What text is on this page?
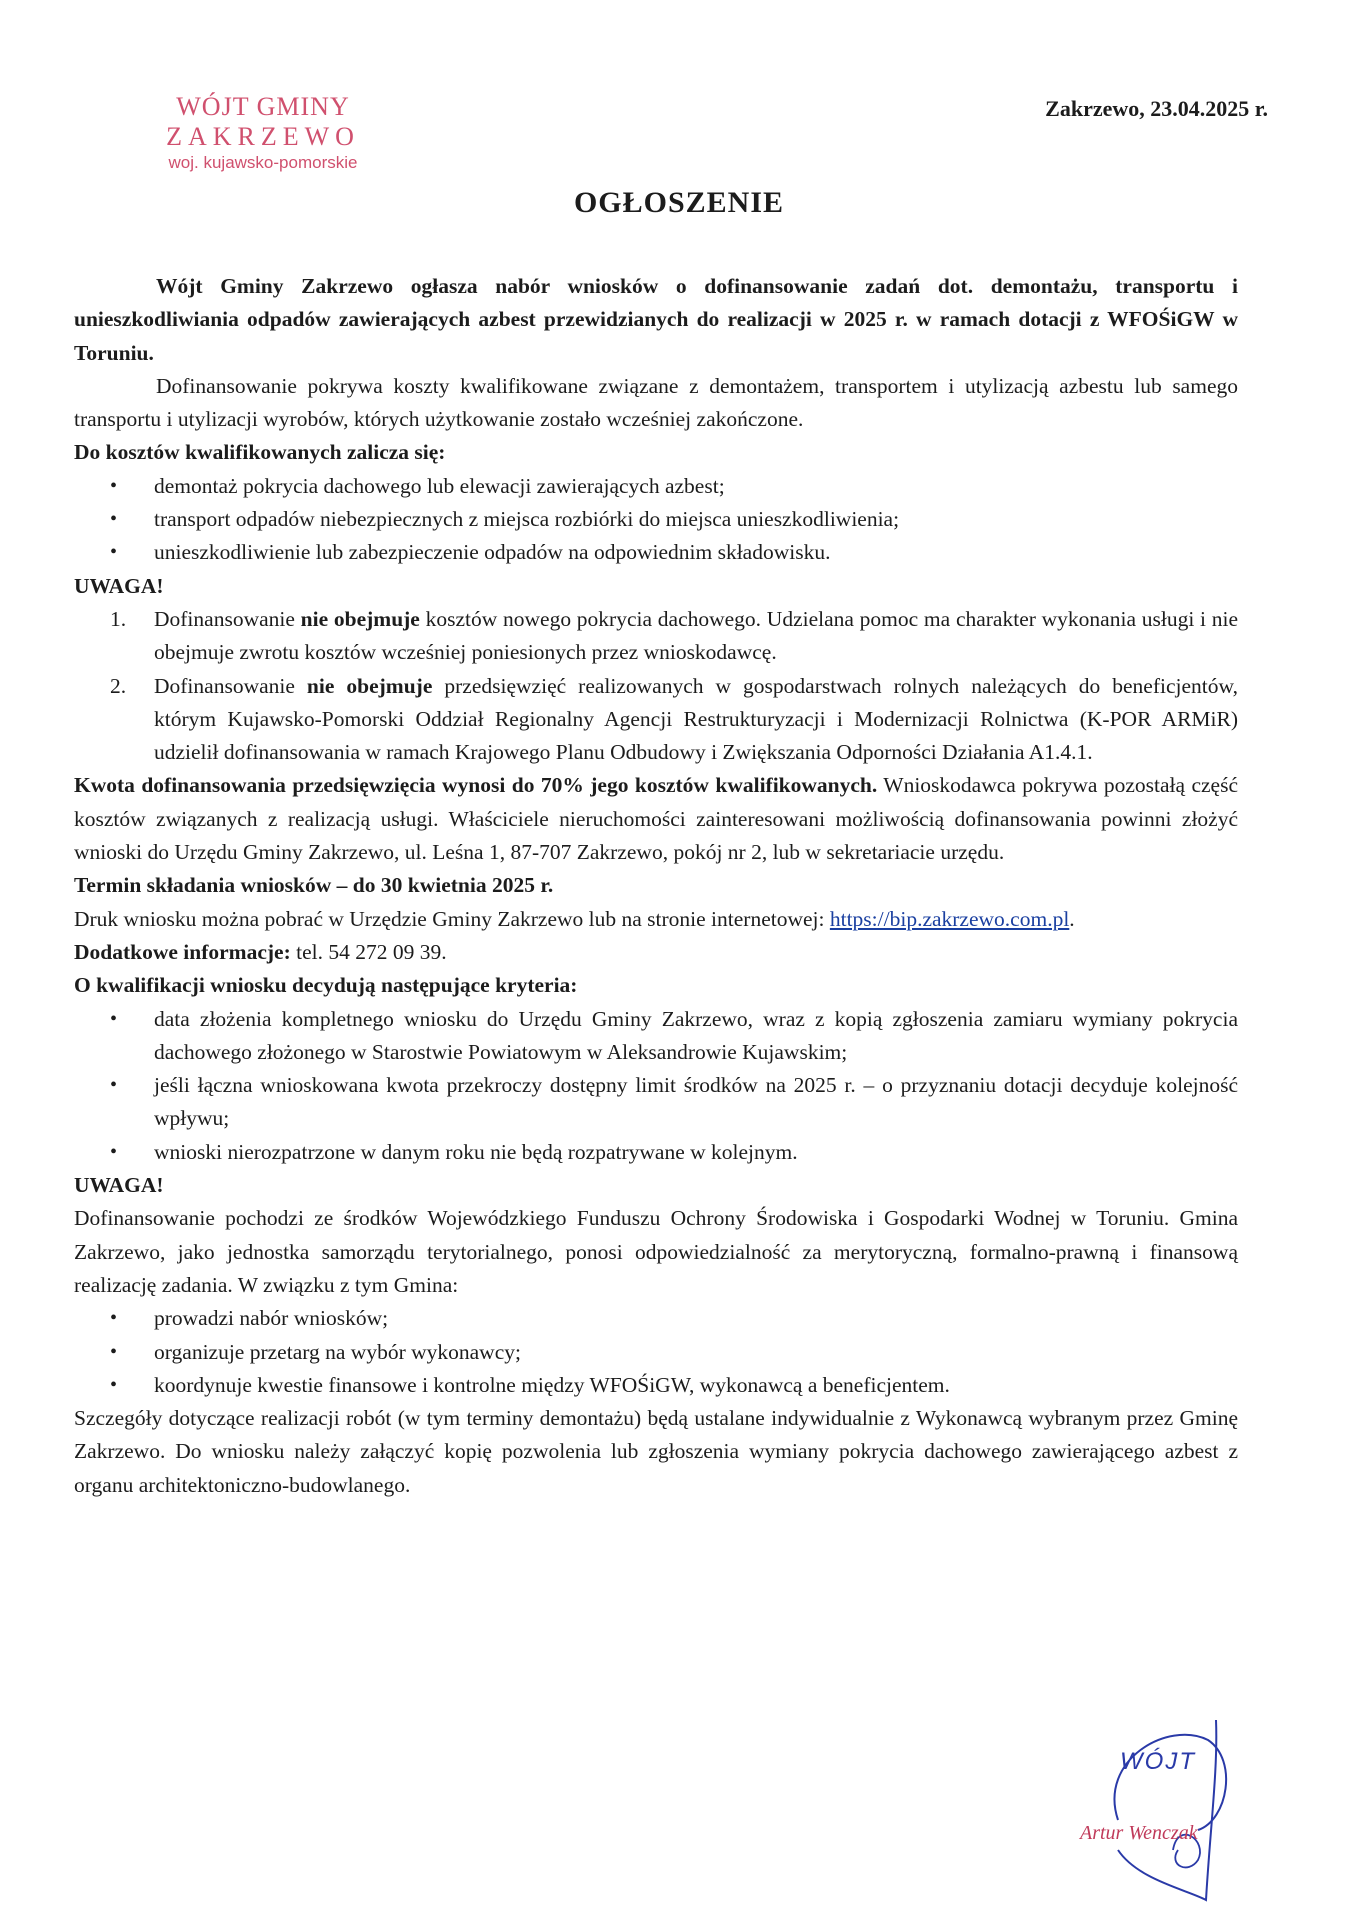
WÓJT GMINY
ZAKRZEWO
woj. kujawsko-pomorskie
Zakrzewo, 23.04.2025 r.
OGŁOSZENIE

Wójt Gminy Zakrzewo ogłasza nabór wniosków o dofinansowanie zadań dot. demontażu, transportu i unieszkodliwiania odpadów zawierających azbest przewidzianych do realizacji w 2025 r. w ramach dotacji z WFOŚiGW w Toruniu.

Dofinansowanie pokrywa koszty kwalifikowane związane z demontażem, transportem i utylizacją azbestu lub samego transportu i utylizacji wyrobów, których użytkowanie zostało wcześniej zakończone.

Do kosztów kwalifikowanych zalicza się:

• demontaż pokrycia dachowego lub elewacji zawierających azbest;
• transport odpadów niebezpiecznych z miejsca rozbiórki do miejsca unieszkodliwienia;
• unieszkodliwienie lub zabezpieczenie odpadów na odpowiednim składowisku.

UWAGA!

1. Dofinansowanie nie obejmuje kosztów nowego pokrycia dachowego. Udzielana pomoc ma charakter wykonania usługi i nie obejmuje zwrotu kosztów wcześniej poniesionych przez wnioskodawcę.
2. Dofinansowanie nie obejmuje przedsięwzięć realizowanych w gospodarstwach rolnych należących do beneficjentów, którym Kujawsko-Pomorski Oddział Regionalny Agencji Restrukturyzacji i Modernizacji Rolnictwa (K-POR ARMiR) udzielił dofinansowania w ramach Krajowego Planu Odbudowy i Zwiększania Odporności Działania A1.4.1.

Kwota dofinansowania przedsięwzięcia wynosi do 70% jego kosztów kwalifikowanych. Wnioskodawca pokrywa pozostałą część kosztów związanych z realizacją usługi. Właściciele nieruchomości zainteresowani możliwością dofinansowania powinni złożyć wnioski do Urzędu Gminy Zakrzewo, ul. Leśna 1, 87-707 Zakrzewo, pokój nr 2, lub w sekretariacie urzędu.

Termin składania wniosków – do 30 kwietnia 2025 r.

Druk wniosku można pobrać w Urzędzie Gminy Zakrzewo lub na stronie internetowej: https://bip.zakrzewo.com.pl.

Dodatkowe informacje: tel. 54 272 09 39.

O kwalifikacji wniosku decydują następujące kryteria:

• data złożenia kompletnego wniosku do Urzędu Gminy Zakrzewo, wraz z kopią zgłoszenia zamiaru wymiany pokrycia dachowego złożonego w Starostwie Powiatowym w Aleksandrowie Kujawskim;
• jeśli łączna wnioskowana kwota przekroczy dostępny limit środków na 2025 r. – o przyznaniu dotacji decyduje kolejność wpływu;
• wnioski nierozpatrzone w danym roku nie będą rozpatrywane w kolejnym.

UWAGA!

Dofinansowanie pochodzi ze środków Wojewódzkiego Funduszu Ochrony Środowiska i Gospodarki Wodnej w Toruniu. Gmina Zakrzewo, jako jednostka samorządu terytorialnego, ponosi odpowiedzialność za merytoryczną, formalno-prawną i finansową realizację zadania. W związku z tym Gmina:

• prowadzi nabór wniosków;
• organizuje przetarg na wybór wykonawcy;
• koordynuje kwestie finansowe i kontrolne między WFOŚiGW, wykonawcą a beneficjentem.

Szczegóły dotyczące realizacji robót (w tym terminy demontażu) będą ustalane indywidualnie z Wykonawcą wybranym przez Gminę Zakrzewo. Do wniosku należy załączyć kopię pozwolenia lub zgłoszenia wymiany pokrycia dachowego zawierającego azbest z organu architektoniczno-budowlanego.

WÓJT
Artur Wenczak
